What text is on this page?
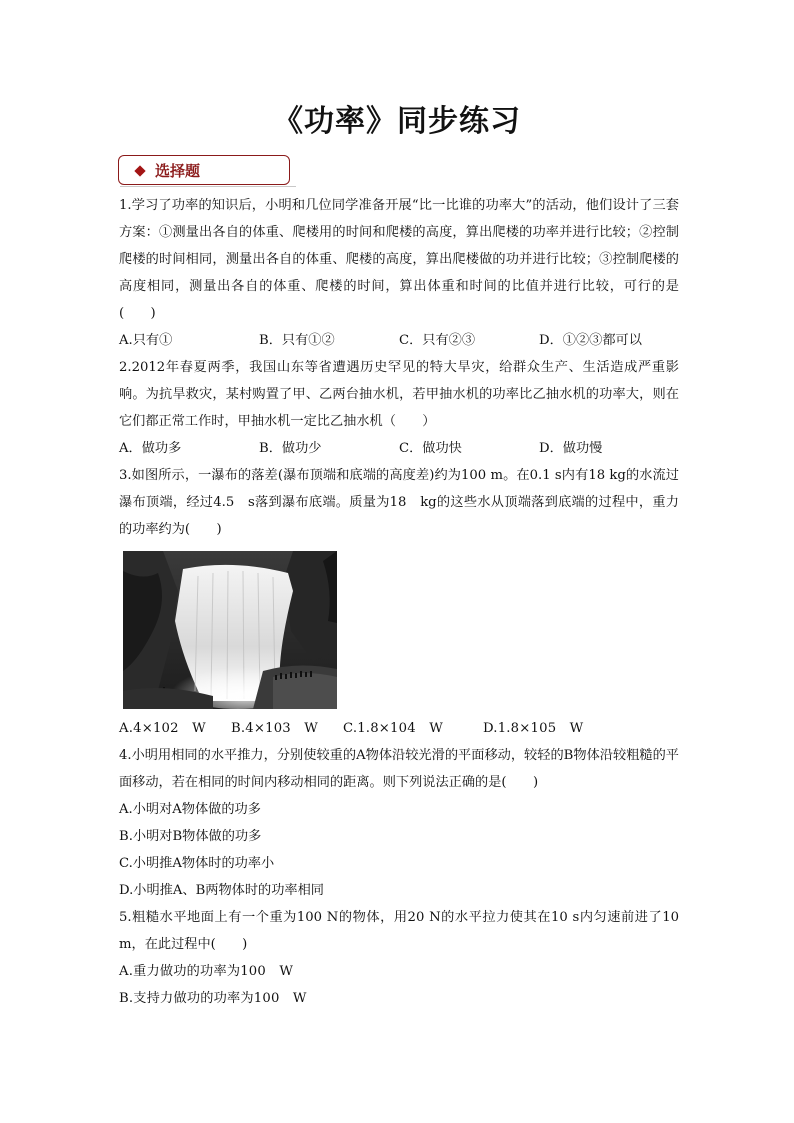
《功率》同步练习
选择题

1.学习了功率的知识后，小明和几位同学准备开展“比一比谁的功率大”的活动，他们设计了三套方案：①测量出各自的体重、爬楼用的时间和爬楼的高度，算出爬楼的功率并进行比较；②控制爬楼的时间相同，测量出各自的体重、爬楼的高度，算出爬楼做的功并进行比较；③控制爬楼的高度相同，测量出各自的体重、爬楼的时间，算出体重和时间的比值并进行比较，可行的是(　　)

A.只有①	B．只有①②	C．只有②③	D．①②③都可以

2.2012年春夏两季，我国山东等省遭遇历史罕见的特大旱灾，给群众生产、生活造成严重影响。为抗旱救灾，某村购置了甲、乙两台抽水机，若甲抽水机的功率比乙抽水机的功率大，则在它们都正常工作时，甲抽水机一定比乙抽水机（　　）

A．做功多	B．做功少	C．做功快	D．做功慢

3.如图所示，一瀑布的落差(瀑布顶端和底端的高度差)约为100 m。在0.1 s内有18 kg的水流过瀑布顶端，经过4.5　s落到瀑布底端。质量为18　kg的这些水从顶端落到底端的过程中，重力的功率约为(　　)

A.4×102　W	B.4×103　W	C.1.8×104　W	D.1.8×105　W

4.小明用相同的水平推力，分别使较重的A物体沿较光滑的平面移动，较轻的B物体沿较粗糙的平面移动，若在相同的时间内移动相同的距离。则下列说法正确的是(　　)

A.小明对A物体做的功多

B.小明对B物体做的功多

C.小明推A物体时的功率小

D.小明推A、B两物体时的功率相同

5.粗糙水平地面上有一个重为100 N的物体，用20 N的水平拉力使其在10 s内匀速前进了10 m，在此过程中(　　)

A.重力做功的功率为100　W

B.支持力做功的功率为100　W
